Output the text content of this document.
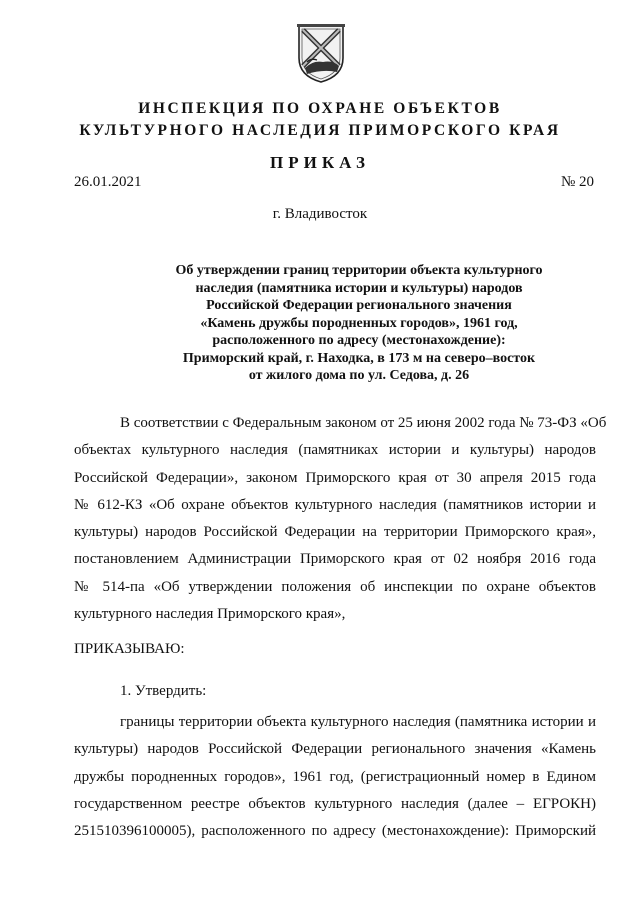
ИНСПЕКЦИЯ ПО ОХРАНЕ ОБЪЕКТОВ
КУЛЬТУРНОГО НАСЛЕДИЯ ПРИМОРСКОГО КРАЯ
ПРИКАЗ
26.01.2021	№ 20
г. Владивосток
Об утверждении границ территории объекта культурного
наследия (памятника истории и культуры) народов
Российской Федерации регионального значения
«Камень дружбы породненных городов», 1961 год,
расположенного по адресу (местонахождение):
Приморский край, г. Находка, в 173 м на северо–восток
от жилого дома по ул. Седова, д. 26
В соответствии с Федеральным законом от 25 июня 2002 года № 73-ФЗ «Об
объектах культурного наследия (памятниках истории и культуры) народов
Российской Федерации», законом Приморского края от 30 апреля 2015 года
№ 612-КЗ «Об охране объектов культурного наследия (памятников истории и
культуры) народов Российской Федерации на территории Приморского края»,
постановлением Администрации Приморского края от 02 ноября 2016 года
№ 514-па «Об утверждении положения об инспекции по охране объектов
культурного наследия Приморского края»,
ПРИКАЗЫВАЮ:
1. Утвердить:
границы территории объекта культурного наследия (памятника истории и
культуры) народов Российской Федерации регионального значения «Камень
дружбы породненных городов», 1961 год, (регистрационный номер в Едином
государственном реестре объектов культурного наследия (далее – ЕГРОКН)
251510396100005), расположенного по адресу (местонахождение): Приморский
